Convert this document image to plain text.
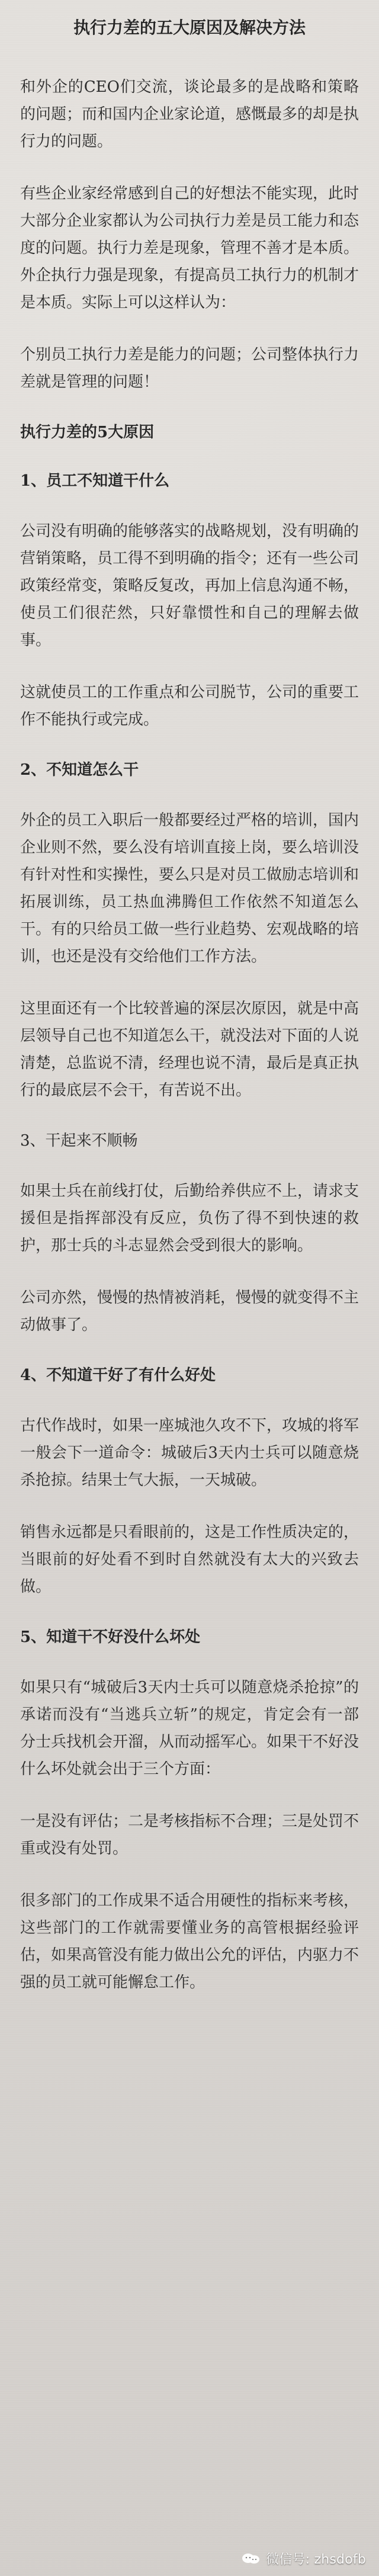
执行力差的五大原因及解决方法

和外企的CEO们交流，谈论最多的是战略和策略的问题；而和国内企业家论道，感慨最多的却是执行力的问题。

有些企业家经常感到自己的好想法不能实现，此时大部分企业家都认为公司执行力差是员工能力和态度的问题。执行力差是现象，管理不善才是本质。外企执行力强是现象，有提高员工执行力的机制才是本质。实际上可以这样认为：

个别员工执行力差是能力的问题；公司整体执行力差就是管理的问题！

执行力差的5大原因
1、员工不知道干什么

公司没有明确的能够落实的战略规划，没有明确的营销策略，员工得不到明确的指令；还有一些公司政策经常变，策略反复改，再加上信息沟通不畅，使员工们很茫然，只好靠惯性和自己的理解去做事。

这就使员工的工作重点和公司脱节，公司的重要工作不能执行或完成。

2、不知道怎么干

外企的员工入职后一般都要经过严格的培训，国内企业则不然，要么没有培训直接上岗，要么培训没有针对性和实操性，要么只是对员工做励志培训和拓展训练，员工热血沸腾但工作依然不知道怎么干。有的只给员工做一些行业趋势、宏观战略的培训，也还是没有交给他们工作方法。

这里面还有一个比较普遍的深层次原因，就是中高层领导自己也不知道怎么干，就没法对下面的人说清楚，总监说不清，经理也说不清，最后是真正执行的最底层不会干，有苦说不出。

3、干起来不顺畅

如果士兵在前线打仗，后勤给养供应不上，请求支援但是指挥部没有反应，负伤了得不到快速的救护，那士兵的斗志显然会受到很大的影响。

公司亦然，慢慢的热情被消耗，慢慢的就变得不主动做事了。

4、不知道干好了有什么好处

古代作战时，如果一座城池久攻不下，攻城的将军一般会下一道命令：城破后3天内士兵可以随意烧杀抢掠。结果士气大振，一天城破。

销售永远都是只看眼前的，这是工作性质决定的，当眼前的好处看不到时自然就没有太大的兴致去做。

5、知道干不好没什么坏处

如果只有“城破后3天内士兵可以随意烧杀抢掠”的承诺而没有“当逃兵立斩”的规定，肯定会有一部分士兵找机会开溜，从而动摇军心。如果干不好没什么坏处就会出于三个方面：

一是没有评估；二是考核指标不合理；三是处罚不重或没有处罚。

很多部门的工作成果不适合用硬性的指标来考核，这些部门的工作就需要懂业务的高管根据经验评估，如果高管没有能力做出公允的评估，内驱力不强的员工就可能懈怠工作。

微信号: zhsdofb
